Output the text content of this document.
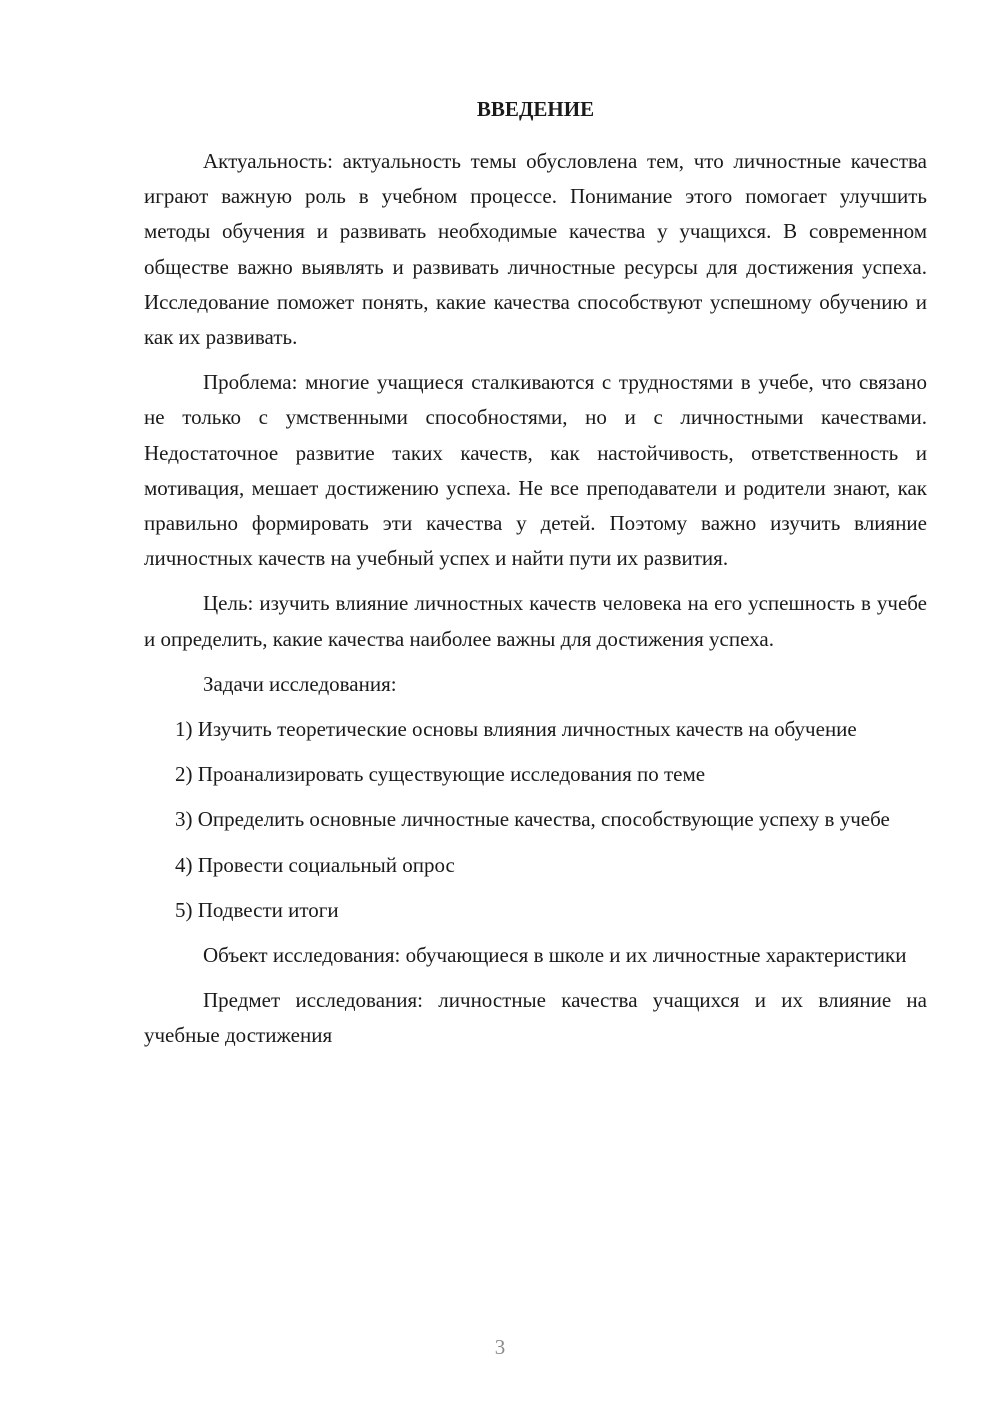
ВВЕДЕНИЕ

Актуальность: актуальность темы обусловлена тем, что личностные качества играют важную роль в учебном процессе. Понимание этого помогает улучшить методы обучения и развивать необходимые качества у учащихся. В современном обществе важно выявлять и развивать личностные ресурсы для достижения успеха. Исследование поможет понять, какие качества способствуют успешному обучению и как их развивать.

Проблема: многие учащиеся сталкиваются с трудностями в учебе, что связано не только с умственными способностями, но и с личностными качествами. Недостаточное развитие таких качеств, как настойчивость, ответственность и мотивация, мешает достижению успеха. Не все преподаватели и родители знают, как правильно формировать эти качества у детей. Поэтому важно изучить влияние личностных качеств на учебный успех и найти пути их развития.

Цель: изучить влияние личностных качеств человека на его успешность в учебе и определить, какие качества наиболее важны для достижения успеха.

Задачи исследования:

1) Изучить теоретические основы влияния личностных качеств на обучение

2) Проанализировать существующие исследования по теме

3) Определить основные личностные качества, способствующие успеху в учебе

4) Провести социальный опрос

5) Подвести итоги

Объект исследования: обучающиеся в школе и их личностные характеристики

Предмет исследования: личностные качества учащихся и их влияние на учебные достижения

3
